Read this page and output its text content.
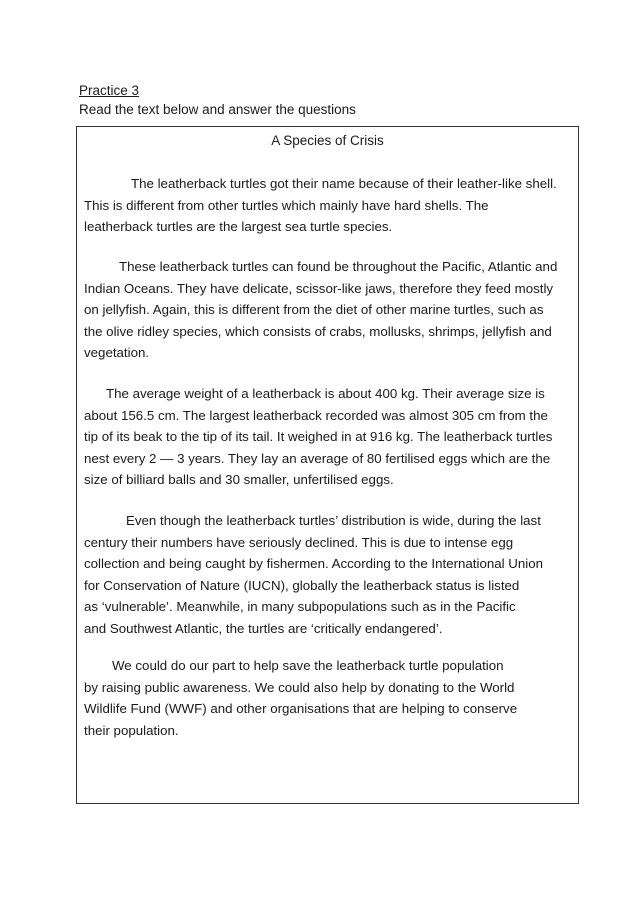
Practice 3
Read the text below and answer the questions
A Species of Crisis

The leatherback turtles got their name because of their leather-like shell.
This is different from other turtles which mainly have hard shells. The
leatherback turtles are the largest sea turtle species.

These leatherback turtles can found be throughout the Pacific, Atlantic and
Indian Oceans. They have delicate, scissor-like jaws, therefore they feed mostly
on jellyfish. Again, this is different from the diet of other marine turtles, such as
the olive ridley species, which consists of crabs, mollusks, shrimps, jellyfish and
vegetation.

The average weight of a leatherback is about 400 kg. Their average size is
about 156.5 cm. The largest leatherback recorded was almost 305 cm from the
tip of its beak to the tip of its tail. It weighed in at 916 kg. The leatherback turtles
nest every 2 — 3 years. They lay an average of 80 fertilised eggs which are the
size of billiard balls and 30 smaller, unfertilised eggs.

Even though the leatherback turtles’ distribution is wide, during the last
century their numbers have seriously declined. This is due to intense egg
collection and being caught by fishermen. According to the International Union
for Conservation of Nature (IUCN), globally the leatherback status is listed
as ‘vulnerable’. Meanwhile, in many subpopulations such as in the Pacific
and Southwest Atlantic, the turtles are ‘critically endangered’.

We could do our part to help save the leatherback turtle population
by raising public awareness. We could also help by donating to the World
Wildlife Fund (WWF) and other organisations that are helping to conserve
their population.
